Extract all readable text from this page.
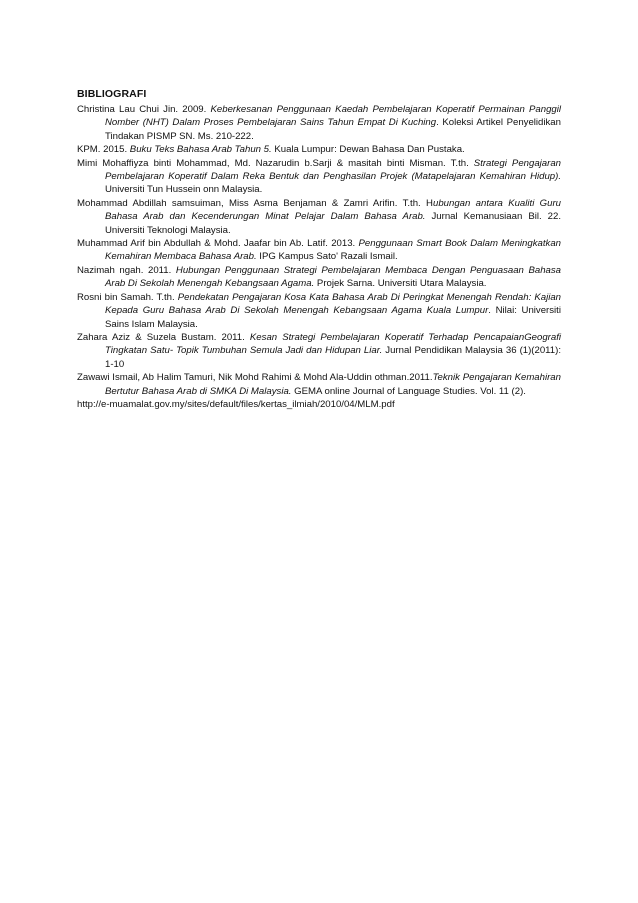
BIBLIOGRAFI

Christina Lau Chui Jin. 2009. Keberkesanan Penggunaan Kaedah Pembelajaran Koperatif Permainan Panggil Nomber (NHT) Dalam Proses Pembelajaran Sains Tahun Empat Di Kuching. Koleksi Artikel Penyelidikan Tindakan PISMP SN. Ms. 210-222.

KPM. 2015. Buku Teks Bahasa Arab Tahun 5. Kuala Lumpur: Dewan Bahasa Dan Pustaka.

Mimi Mohaffiyza binti Mohammad, Md. Nazarudin b.Sarji & masitah binti Misman. T.th. Strategi Pengajaran Pembelajaran Koperatif Dalam Reka Bentuk dan Penghasilan Projek (Matapelajaran Kemahiran Hidup). Universiti Tun Hussein onn Malaysia.

Mohammad Abdillah samsuiman, Miss Asma Benjaman & Zamri Arifin. T.th. Hubungan antara Kualiti Guru Bahasa Arab dan Kecenderungan Minat Pelajar Dalam Bahasa Arab. Jurnal Kemanusiaan Bil. 22. Universiti Teknologi Malaysia.

Muhammad Arif bin Abdullah & Mohd. Jaafar bin Ab. Latif. 2013. Penggunaan Smart Book Dalam Meningkatkan Kemahiran Membaca Bahasa Arab. IPG Kampus Sato' Razali Ismail.

Nazimah ngah. 2011. Hubungan Penggunaan Strategi Pembelajaran Membaca Dengan Penguasaan Bahasa Arab Di Sekolah Menengah Kebangsaan Agama. Projek Sarna. Universiti Utara Malaysia.

Rosni bin Samah. T.th. Pendekatan Pengajaran Kosa Kata Bahasa Arab Di Peringkat Menengah Rendah: Kajian Kepada Guru Bahasa Arab Di Sekolah Menengah Kebangsaan Agama Kuala Lumpur. Nilai: Universiti Sains Islam Malaysia.

Zahara Aziz & Suzela Bustam. 2011. Kesan Strategi Pembelajaran Koperatif Terhadap PencapaianGeografi Tingkatan Satu- Topik Tumbuhan Semula Jadi dan Hidupan Liar. Jurnal Pendidikan Malaysia 36 (1)(2011): 1-10

Zawawi Ismail, Ab Halim Tamuri, Nik Mohd Rahimi & Mohd Ala-Uddin othman.2011.Teknik Pengajaran Kemahiran Bertutur Bahasa Arab di SMKA Di Malaysia. GEMA online Journal of Language Studies. Vol. 11 (2).

http://e-muamalat.gov.my/sites/default/files/kertas_ilmiah/2010/04/MLM.pdf
